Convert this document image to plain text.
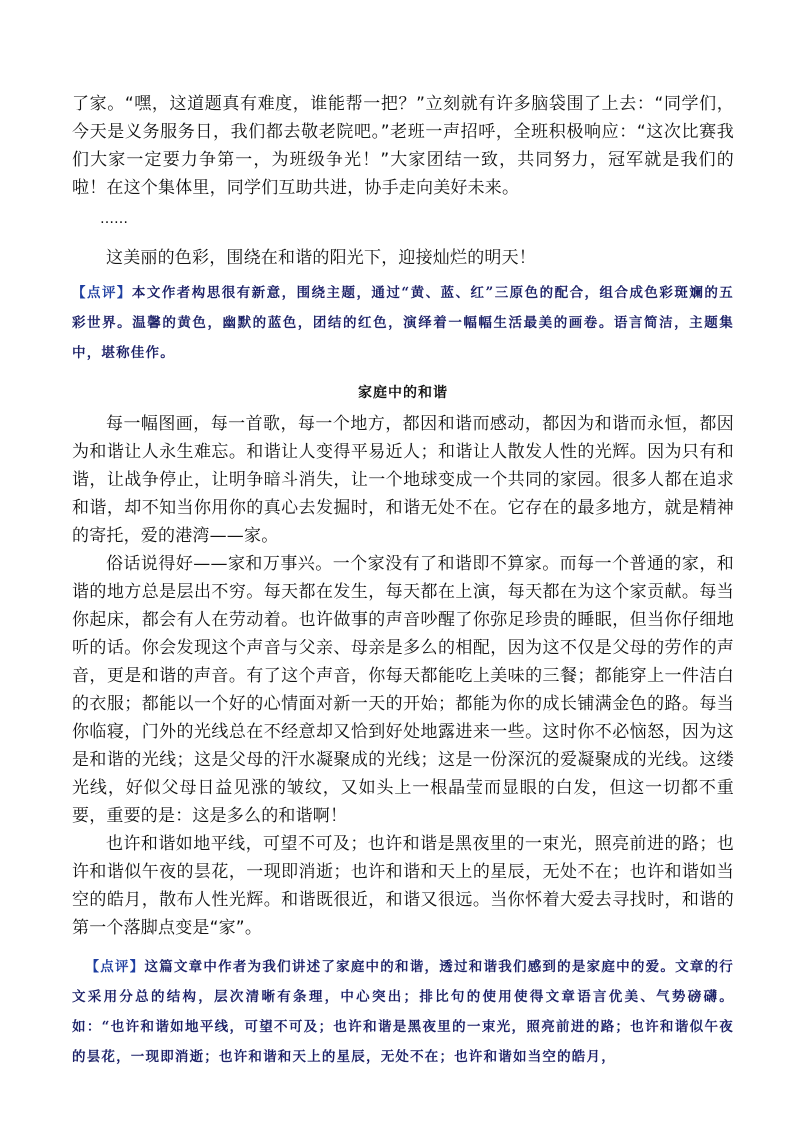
了家。“嘿，这道题真有难度，谁能帮一把？”立刻就有许多脑袋围了上去：“同学们，今天是义务服务日，我们都去敬老院吧。”老班一声招呼，全班积极响应：“这次比赛我们大家一定要力争第一，为班级争光！”大家团结一致，共同努力，冠军就是我们的啦！在这个集体里，同学们互助共进，协手走向美好未来。

……

这美丽的色彩，围绕在和谐的阳光下，迎接灿烂的明天！

【点评】本文作者构思很有新意，围绕主题，通过“黄、蓝、红”三原色的配合，组合成色彩斑斓的五彩世界。温馨的黄色，幽默的蓝色，团结的红色，演绎着一幅幅生活最美的画卷。语言简洁，主题集中，堪称佳作。

家庭中的和谐

每一幅图画，每一首歌，每一个地方，都因和谐而感动，都因为和谐而永恒，都因为和谐让人永生难忘。和谐让人变得平易近人；和谐让人散发人性的光辉。因为只有和谐，让战争停止，让明争暗斗消失，让一个地球变成一个共同的家园。很多人都在追求和谐，却不知当你用你的真心去发掘时，和谐无处不在。它存在的最多地方，就是精神的寄托，爱的港湾——家。

俗话说得好——家和万事兴。一个家没有了和谐即不算家。而每一个普通的家，和谐的地方总是层出不穷。每天都在发生，每天都在上演，每天都在为这个家贡献。每当你起床，都会有人在劳动着。也许做事的声音吵醒了你弥足珍贵的睡眠，但当你仔细地听的话。你会发现这个声音与父亲、母亲是多么的相配，因为这不仅是父母的劳作的声音，更是和谐的声音。有了这个声音，你每天都能吃上美味的三餐；都能穿上一件洁白的衣服；都能以一个好的心情面对新一天的开始；都能为你的成长铺满金色的路。每当你临寝，门外的光线总在不经意却又恰到好处地露进来一些。这时你不必恼怒，因为这是和谐的光线；这是父母的汗水凝聚成的光线；这是一份深沉的爱凝聚成的光线。这缕光线，好似父母日益见涨的皱纹，又如头上一根晶莹而显眼的白发，但这一切都不重要，重要的是：这是多么的和谐啊！

也许和谐如地平线，可望不可及；也许和谐是黑夜里的一束光，照亮前进的路；也许和谐似午夜的昙花，一现即消逝；也许和谐和天上的星辰，无处不在；也许和谐如当空的皓月，散布人性光辉。和谐既很近，和谐又很远。当你怀着大爱去寻找时，和谐的第一个落脚点变是“家”。

【点评】这篇文章中作者为我们讲述了家庭中的和谐，透过和谐我们感到的是家庭中的爱。文章的行文采用分总的结构，层次清晰有条理，中心突出；排比句的使用使得文章语言优美、气势磅礴。如：“也许和谐如地平线，可望不可及；也许和谐是黑夜里的一束光，照亮前进的路；也许和谐似午夜的昙花，一现即消逝；也许和谐和天上的星辰，无处不在；也许和谐如当空的皓月，
